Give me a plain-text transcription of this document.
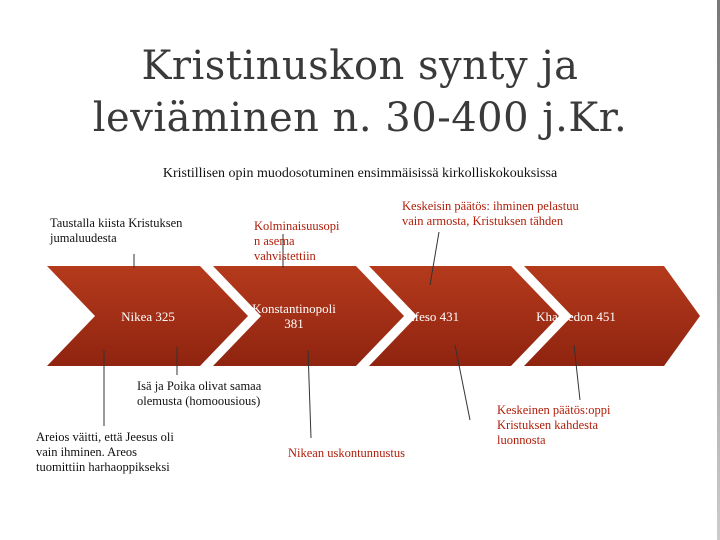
Kristinuskon synty ja
leviäminen n. 30-400 j.Kr.
Kristillisen opin muodosotuminen ensimmäisissä kirkolliskokouksissa
Nikea 325
Konstantinopoli
381	Efeso 431	Khalkedon 451
Taustalla kiista Kristuksen
jumaluudesta
Kolminaisuusopi
n asema
vahvistettiin
Keskeisin päätös: ihminen pelastuu
vain armosta, Kristuksen tähden
Isä ja Poika olivat samaa
olemusta (homoousious)
Areios väitti, että Jeesus oli
vain ihminen. Areos
tuomittiin harhaoppikseksi
Nikean uskontunnustus
Keskeinen päätös:oppi
Kristuksen kahdesta
luonnosta
